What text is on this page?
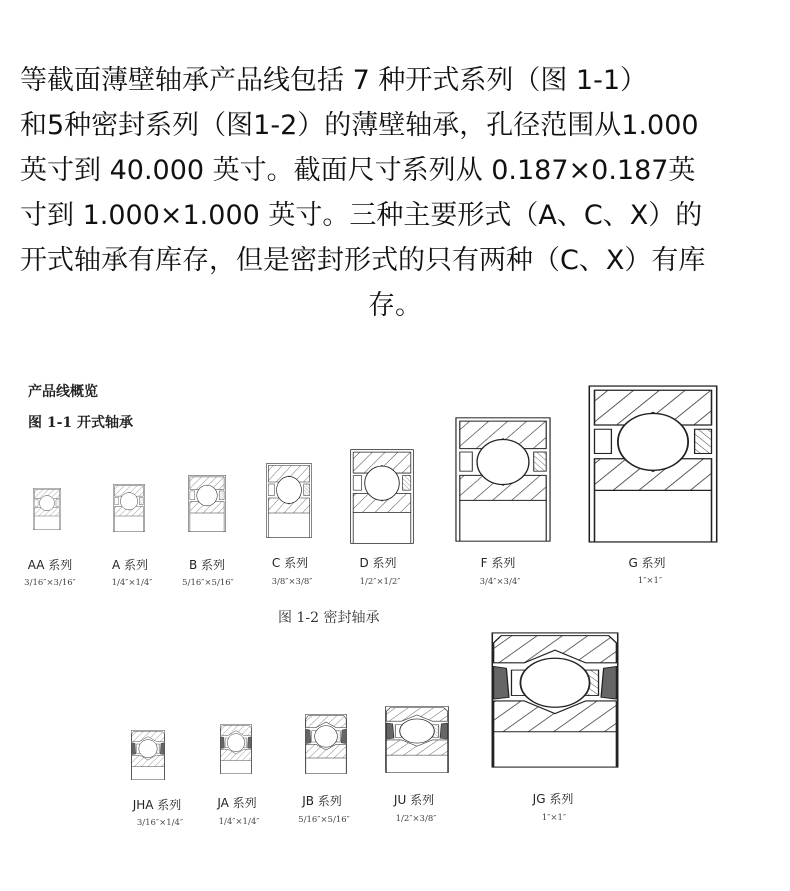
等截面薄壁轴承产品线包括 7 种开式系列（图 1-1）
和5种密封系列（图1-2）的薄壁轴承，孔径范围从1.000
英寸到 40.000 英寸。截面尺寸系列从 0.187×0.187英
寸到 1.000×1.000 英寸。三种主要形式（A、C、X）的
开式轴承有库存，但是密封形式的只有两种（C、X）有库
存。
产品线概览
图 1-1 开式轴承
图 1-2 密封轴承
AA 系列
3/16″×3/16″
A 系列
1/4″×1/4″
B 系列
5/16″×5/16″
C 系列
3/8″×3/8″
D 系列
1/2″×1/2″
F 系列
3/4″×3/4″
G 系列
1″×1″
JHA 系列
3/16″×1/4″
JA 系列
1/4″×1/4″
JB 系列
5/16″×5/16″
JU 系列
1/2″×3/8″
JG 系列
1″×1″
